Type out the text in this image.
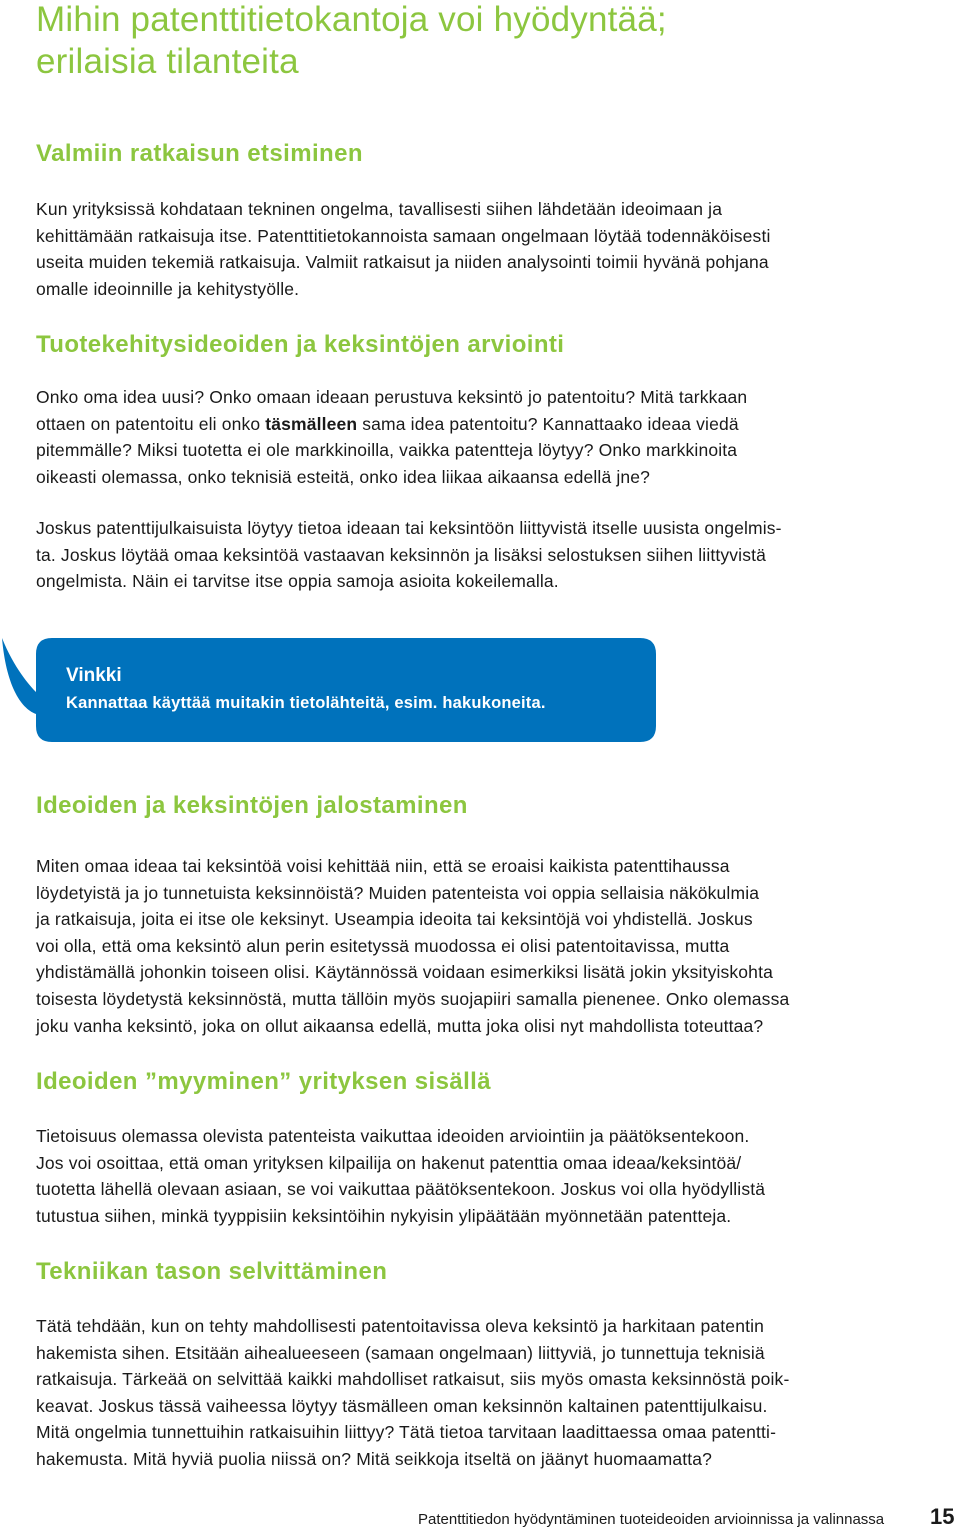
Mihin patenttitietokantoja voi hyödyntää;
erilaisia tilanteita
Valmiin ratkaisun etsiminen

Kun yrityksissä kohdataan tekninen ongelma, tavallisesti siihen lähdetään ideoimaan ja
kehittämään ratkaisuja itse. Patenttitietokannoista samaan ongelmaan löytää todennäköisesti
useita muiden tekemiä ratkaisuja. Valmiit ratkaisut ja niiden analysointi toimii hyvänä pohjana
omalle ideoinnille ja kehitystyölle.

Tuotekehitysideoiden ja keksintöjen arviointi

Onko oma idea uusi? Onko omaan ideaan perustuva keksintö jo patentoitu? Mitä tarkkaan
ottaen on patentoitu eli onko täsmälleen sama idea patentoitu? Kannattaako ideaa viedä
pitemmälle? Miksi tuotetta ei ole markkinoilla, vaikka patentteja löytyy? Onko markkinoita
oikeasti olemassa, onko teknisiä esteitä, onko idea liikaa aikaansa edellä jne?

Joskus patenttijulkaisuista löytyy tietoa ideaan tai keksintöön liittyvistä itselle uusista ongelmis-
ta. Joskus löytää omaa keksintöä vastaavan keksinnön ja lisäksi selostuksen siihen liittyvistä
ongelmista. Näin ei tarvitse itse oppia samoja asioita kokeilemalla.

Vinkki

Kannattaa käyttää muitakin tietolähteitä, esim. hakukoneita.

Ideoiden ja keksintöjen jalostaminen

Miten omaa ideaa tai keksintöä voisi kehittää niin, että se eroaisi kaikista patenttihaussa
löydetyistä ja jo tunnetuista keksinnöistä? Muiden patenteista voi oppia sellaisia näkökulmia
ja ratkaisuja, joita ei itse ole keksinyt. Useampia ideoita tai keksintöjä voi yhdistellä. Joskus
voi olla, että oma keksintö alun perin esitetyssä muodossa ei olisi patentoitavissa, mutta
yhdistämällä johonkin toiseen olisi. Käytännössä voidaan esimerkiksi lisätä jokin yksityiskohta
toisesta löydetystä keksinnöstä, mutta tällöin myös suojapiiri samalla pienenee. Onko olemassa
joku vanha keksintö, joka on ollut aikaansa edellä, mutta joka olisi nyt mahdollista toteuttaa?

Ideoiden ”myyminen” yrityksen sisällä

Tietoisuus olemassa olevista patenteista vaikuttaa ideoiden arviointiin ja päätöksentekoon.
Jos voi osoittaa, että oman yrityksen kilpailija on hakenut patenttia omaa ideaa/keksintöä/
tuotetta lähellä olevaan asiaan, se voi vaikuttaa päätöksentekoon. Joskus voi olla hyödyllistä
tutustua siihen, minkä tyyppisiin keksintöihin nykyisin ylipäätään myönnetään patentteja.

Tekniikan tason selvittäminen

Tätä tehdään, kun on tehty mahdollisesti patentoitavissa oleva keksintö ja harkitaan patentin
hakemista sihen. Etsitään aihealueeseen (samaan ongelmaan) liittyviä, jo tunnettuja teknisiä
ratkaisuja. Tärkeää on selvittää kaikki mahdolliset ratkaisut, siis myös omasta keksinnöstä poik-
keavat. Joskus tässä vaiheessa löytyy täsmälleen oman keksinnön kaltainen patenttijulkaisu.
Mitä ongelmia tunnettuihin ratkaisuihin liittyy? Tätä tietoa tarvitaan laadittaessa omaa patentti-
hakemusta. Mitä hyviä puolia niissä on? Mitä seikkoja itseltä on jäänyt huomaamatta?

Patenttitiedon hyödyntäminen tuoteideoiden arvioinnissa ja valinnassa 15
